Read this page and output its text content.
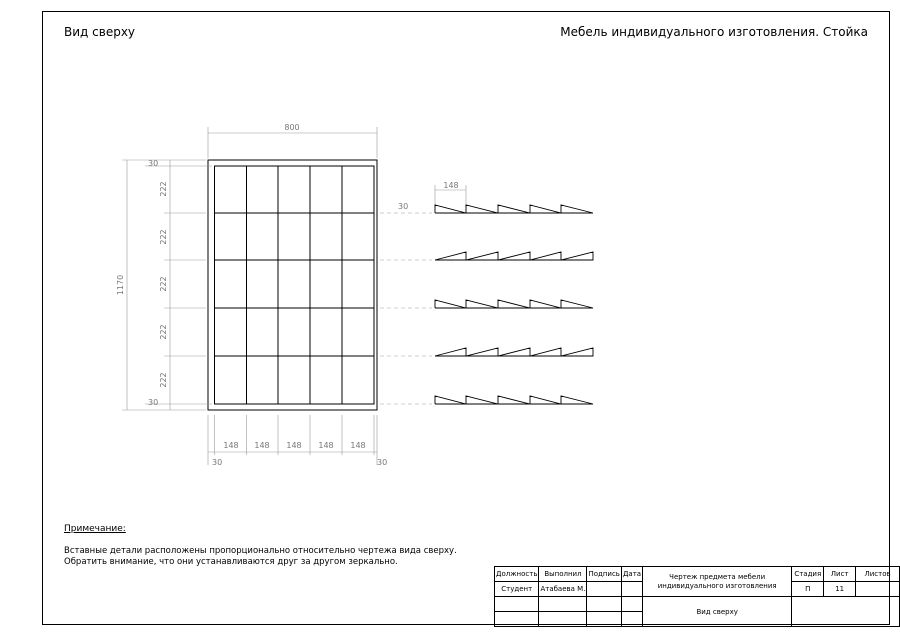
Вид сверху	Мебель индивидуального изготовления. Стойка
800
1170
30
30
222
222
222
222
222
148 148 148 148 148
30	30
148
30
Примечание:
Вставные детали расположены пропорционально относительно чертежа вида сверху.
Обратить внимание, что они устанавливаются друг за другом зеркально.
Должность	Выполнил	Подпись	Дата	Чертеж предмета мебели индивидуального изготовления	Стадия	Лист	Листов
Студент	Атабаева М.				П	11	
				Вид сверху			
